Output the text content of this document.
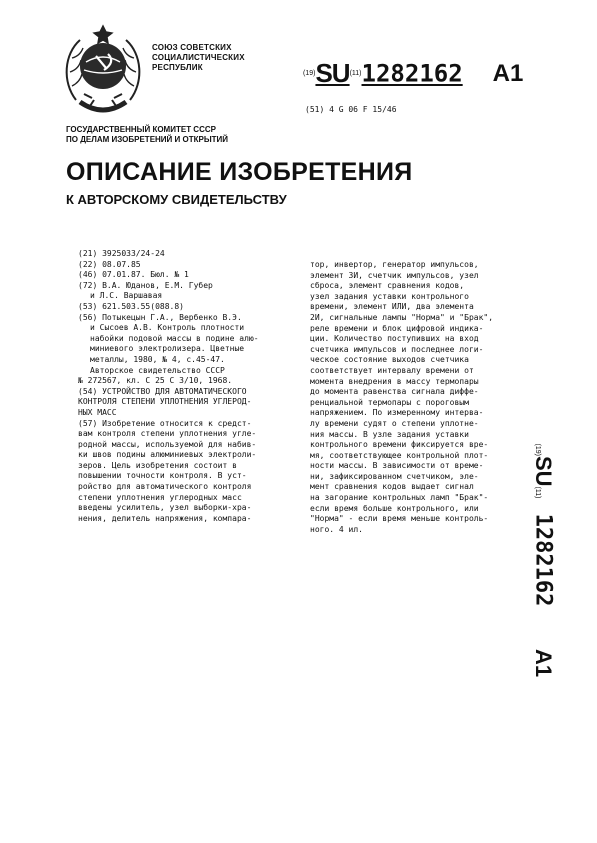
СОЮЗ СОВЕТСКИХ
СОЦИАЛИСТИЧЕСКИХ
РЕСПУБЛИК
(19)SU(11)1282162 A1
(51) 4 G 06 F 15/46
ГОСУДАРСТВЕННЫЙ КОМИТЕТ СССР
ПО ДЕЛАМ ИЗОБРЕТЕНИЙ И ОТКРЫТИЙ
ОПИСАНИЕ ИЗОБРЕТЕНИЯ
К АВТОРСКОМУ СВИДЕТЕЛЬСТВУ
(21) 3925033/24-24
(22) 08.07.85
(46) 07.01.87. Бюл. № 1
(72) В.А. Юданов, Е.М. Губер
и Л.С. Варшавая
(53) 621.503.55(088.8)
(56) Потыкецын Г.А., Вербенко В.Э.
и Сысоев А.В. Контроль плотности
набойки подовой массы в подине алю-
миниевого электролизера. Цветные
металлы, 1980, № 4, с.45-47.
Авторское свидетельство СССР
№ 272567, кл. С 25 С 3/10, 1968.
(54) УСТРОЙСТВО ДЛЯ АВТОМАТИЧЕСКОГО
КОНТРОЛЯ СТЕПЕНИ УПЛОТНЕНИЯ УГЛЕРОД-
НЫХ МАСС
(57) Изобретение относится к средст-
вам контроля степени уплотнения угле-
родной массы, используемой для набив-
ки швов подины алюминиевых электроли-
зеров. Цель изобретения состоит в
повышении точности контроля. В уст-
ройство для автоматического контроля
степени уплотнения углеродных масс
введены усилитель, узел выборки-хра-
нения, делитель напряжения, компара-
тор, инвертор, генератор импульсов,
элемент ЗИ, счетчик импульсов, узел
сброса, элемент сравнения кодов,
узел задания уставки контрольного
времени, элемент ИЛИ, два элемента
2И, сигнальные лампы "Норма" и "Брак",
реле времени и блок цифровой индика-
ции. Количество поступивших на вход
счетчика импульсов и последнее логи-
ческое состояние выходов счетчика
соответствует интервалу времени от
момента внедрения в массу термопары
до момента равенства сигнала диффе-
ренциальной термопары с пороговым
напряжением. По измеренному интерва-
лу времени судят о степени уплотне-
ния массы. В узле задания уставки
контрольного времени фиксируется вре-
мя, соответствующее контрольной плот-
ности массы. В зависимости от време-
ни, зафиксированном счетчиком, эле-
мент сравнения кодов выдает сигнал
на загорание контрольных ламп "Брак"-
если время больше контрольного, или
"Норма" - если время меньше контроль-
ного. 4 ил.
(19)SU(11)
1282162
A1
